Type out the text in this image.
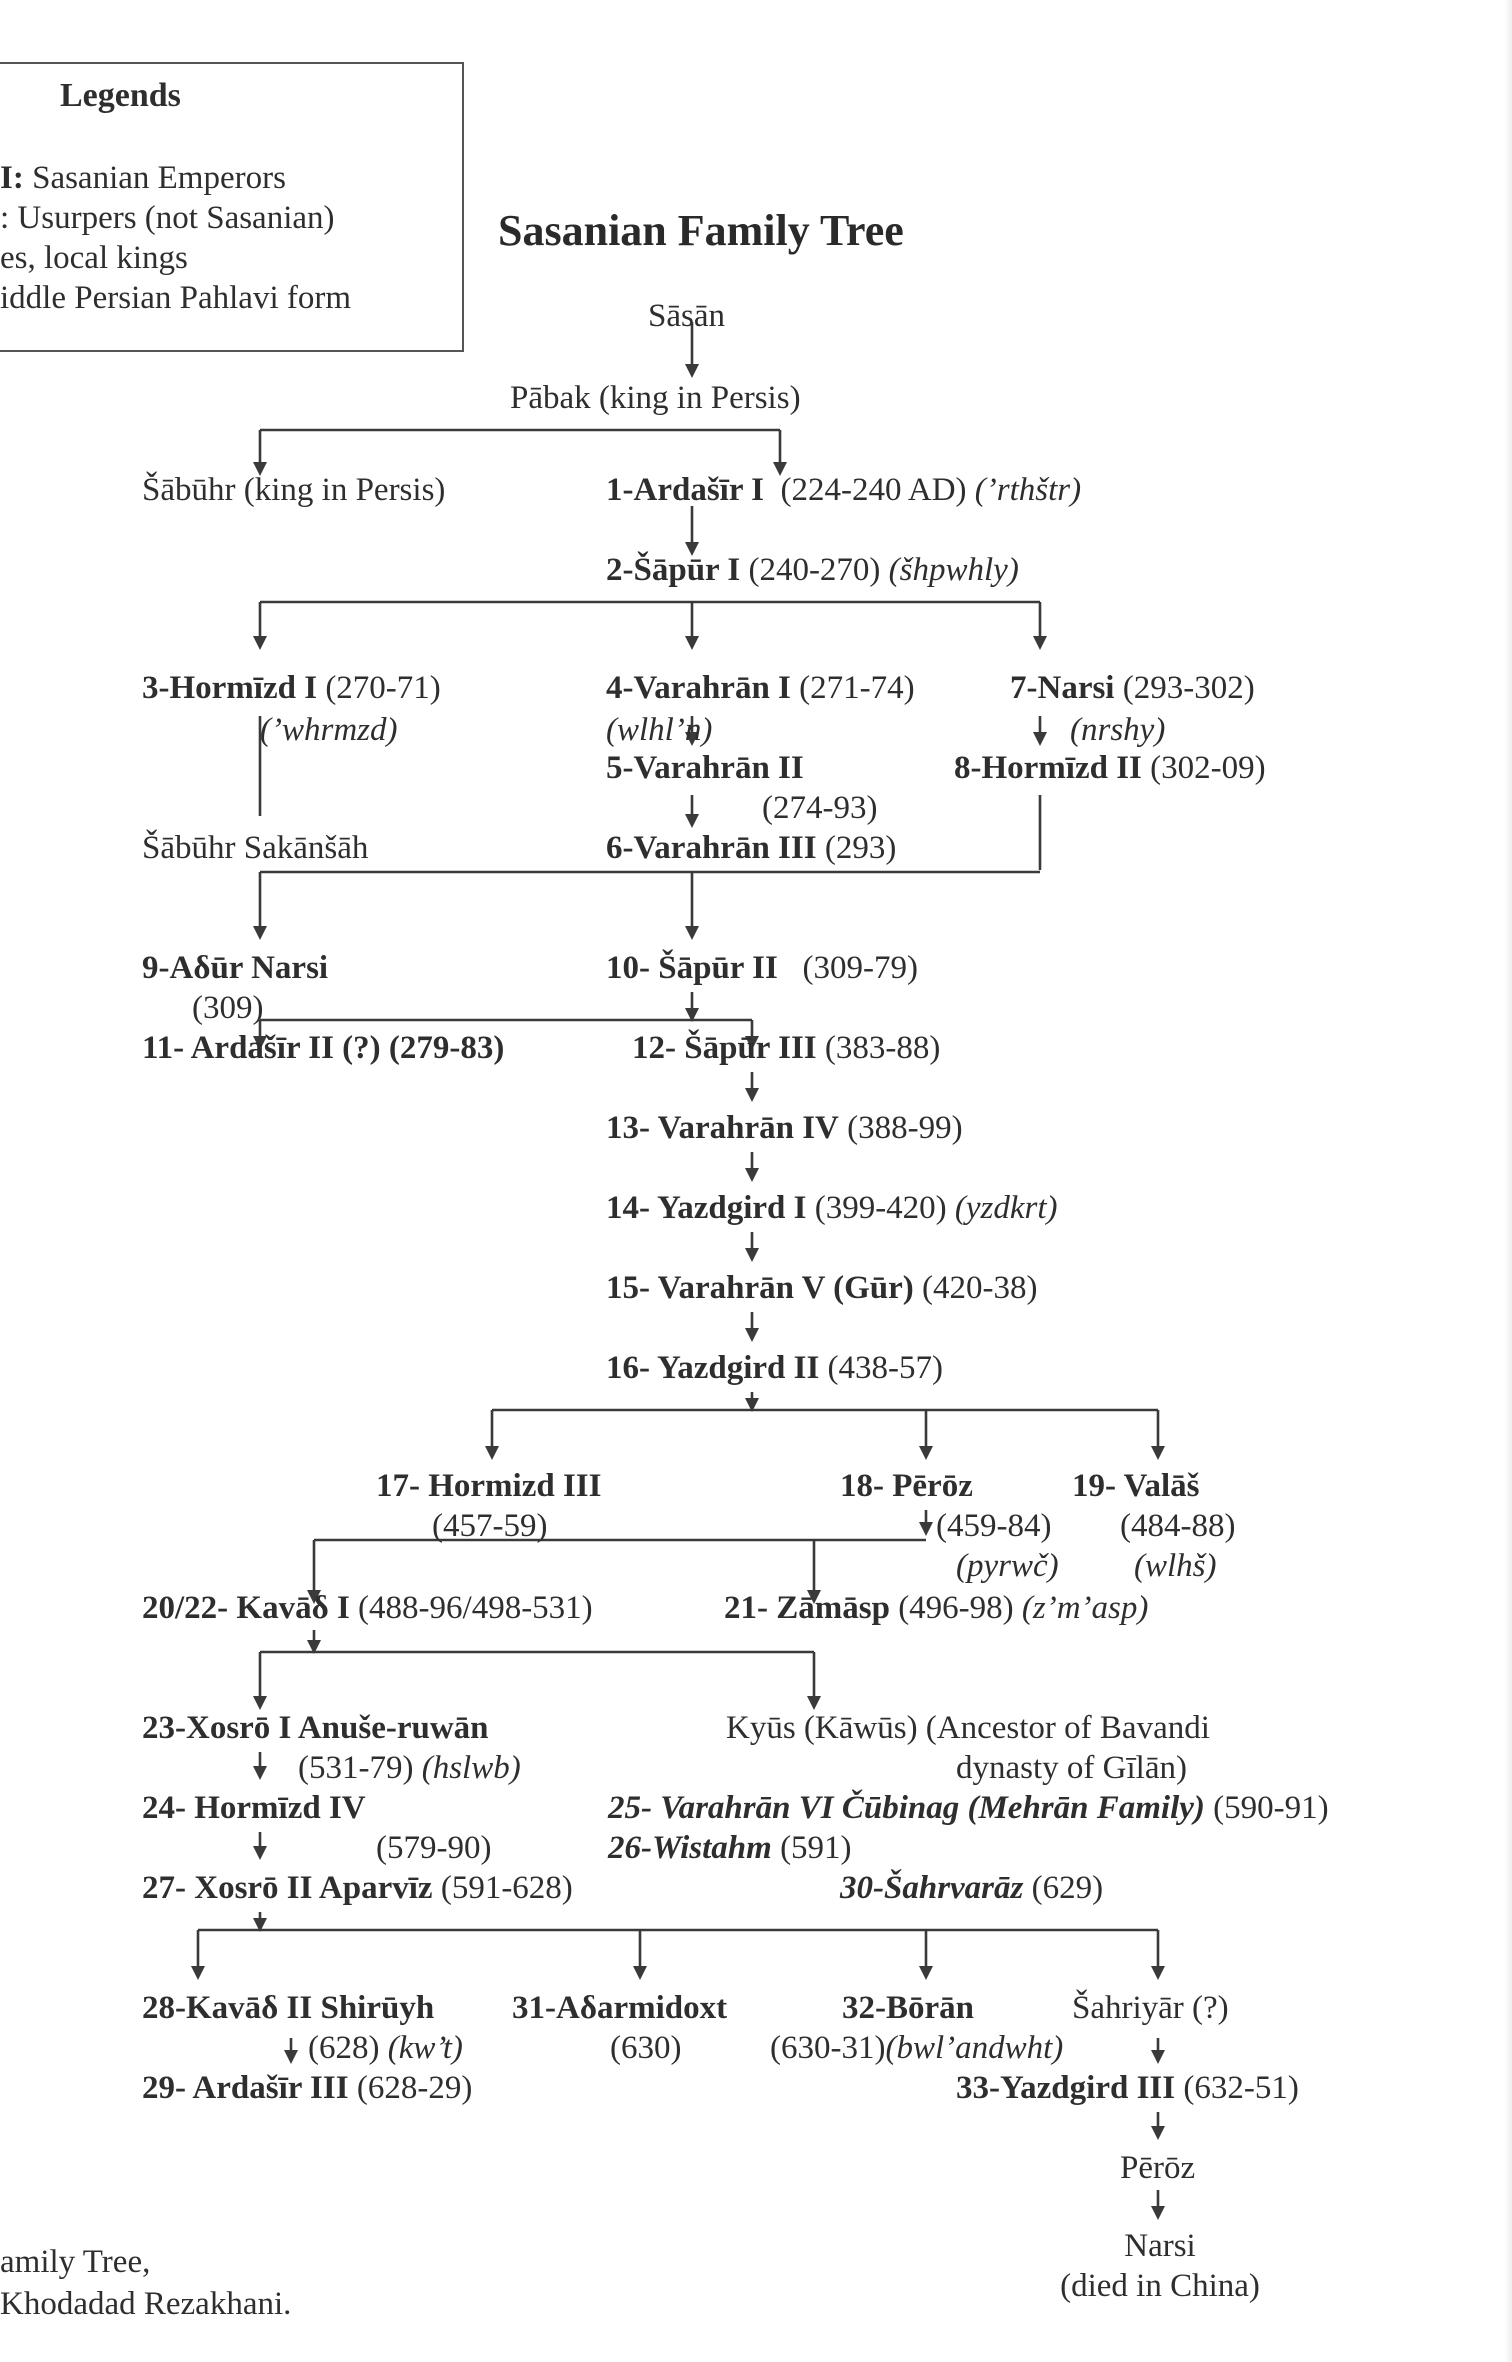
Legends
I: Sasanian Emperors
: Usurpers (not Sasanian)
es, local kings
iddle Persian Pahlavi form
Sasanian Family Tree
Sāsān
Pābak (king in Persis)
Šābūhr (king in Persis)	1-Ardašīr I (224-240 AD) (’rthštr)
2-Šāpūr I (240-270) (šhpwhly)
3-Hormīzd I (270-71)
(’whrmzd)
4-Varahrān I (271-74)
(wlhl’n)
7-Narsi (293-302)
(nrshy)
5-Varahrān II
(274-93)
8-Hormīzd II (302-09)
Šābūhr Sakānšāh	6-Varahrān III (293)
9-Aδūr Narsi
(309)
10- Šāpūr II (309-79)
11- Ardašīr II (?) (279-83)	12- Šāpūr III (383-88)
13- Varahrān IV (388-99)
14- Yazdgird I (399-420) (yzdkrt)
15- Varahrān V (Gūr) (420-38)
16- Yazdgird II (438-57)
17- Hormizd III
(457-59)
18- Pērōz
(459-84)
(pyrwč)
19- Valāš
(484-88)
(wlhš)
20/22- Kavāδ I (488-96/498-531)	21- Zāmāsp (496-98) (z’m’asp)
23-Xosrō I Anuše-ruwān
(531-79) (hslwb)
Kyūs (Kāwūs) (Ancestor of Bavandi
dynasty of Gīlān)
24- Hormīzd IV
(579-90)
25- Varahrān VI Čūbinag (Mehrān Family) (590-91)
26-Wistahm (591)
27- Xosrō II Aparvīz (591-628)	30-Šahrvarāz (629)
28-Kavāδ II Shirūyh
(628) (kw’t)
31-Aδarmidoxt
(630)
32-Bōrān
(630-31)(bwl’andwht)
Šahriyār (?)
29- Ardašīr III (628-29)	33-Yazdgird III (632-51)
Pērōz
Narsi
(died in China)
amily Tree,
Khodadad Rezakhani.
